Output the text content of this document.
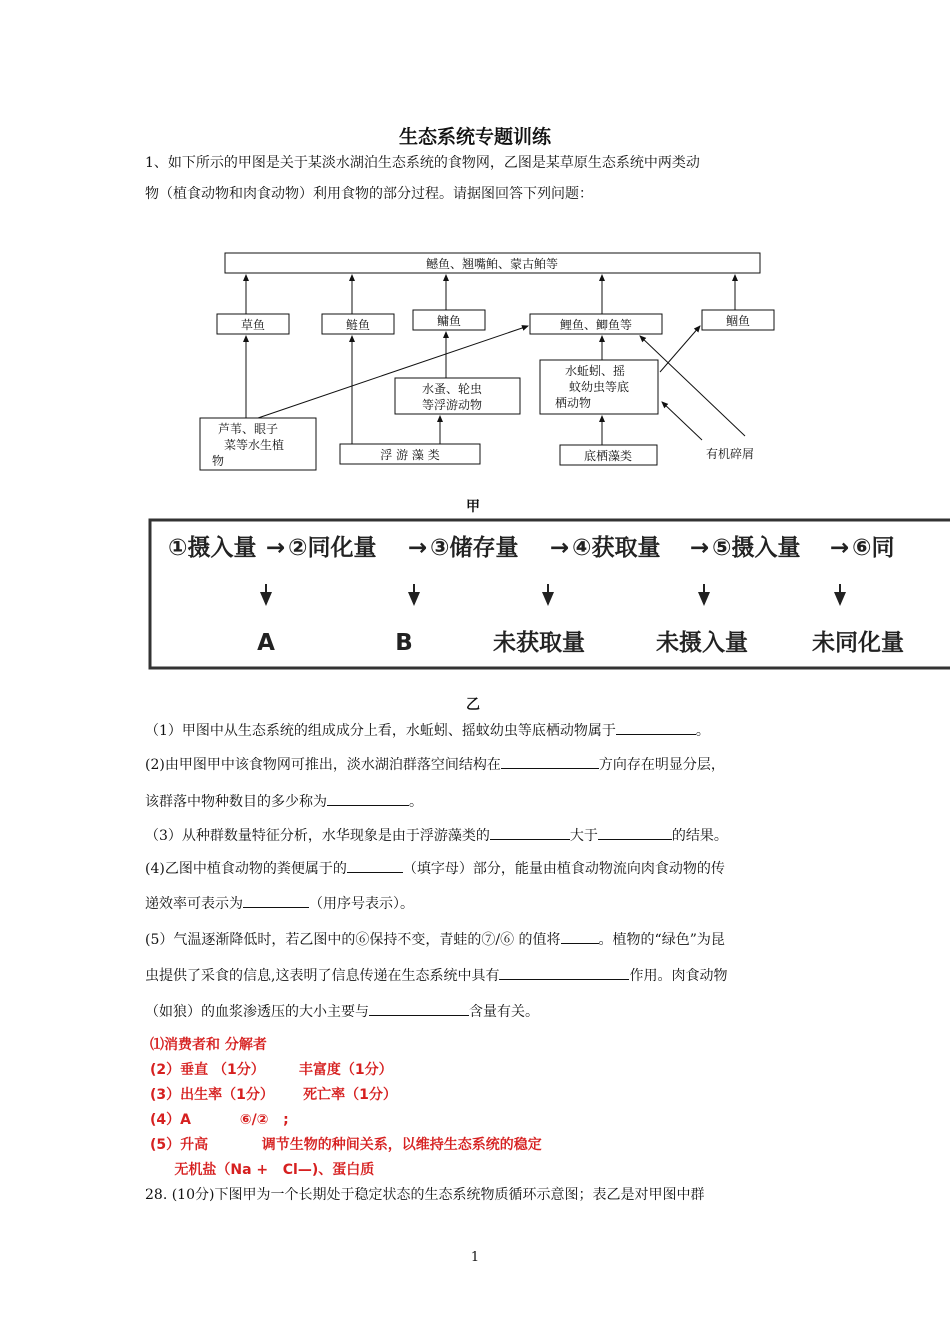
生态系统专题训练

1、如下所示的甲图是关于某淡水湖泊生态系统的食物网，乙图是某草原生态系统中两类动

物（植食动物和肉食动物）利用食物的部分过程。请据图回答下列问题：

鳡鱼、翘嘴鲌、蒙古鲌等
草鱼	鲢鱼	鳙鱼	鲤鱼、鲫鱼等	鲴鱼
芦苇、眼子
菜等水生植
物
水蚤、轮虫
等浮游动物
水蚯蚓、摇
蚊幼虫等底
栖动物
浮 游 藻 类	底栖藻类	有机碎屑
甲
①摄入量 → ②同化量 → ③储存量 → ④获取量 → ⑤摄入量 → ⑥同
A	B	未获取量	未摄入量	未同化量
乙

（1）甲图中从生态系统的组成成分上看，水蚯蚓、摇蚊幼虫等底栖动物属于	。

(2)由甲图甲中该食物网可推出，淡水湖泊群落空间结构在	方向存在明显分层，

该群落中物种数目的多少称为	。

（3）从种群数量特征分析，水华现象是由于浮游藻类的	大于	的结果。

(4)乙图中植食动物的粪便属于的	（填字母）部分，能量由植食动物流向肉食动物的传

递效率可表示为	（用序号表示）。

(5）气温逐渐降低时，若乙图中的⑥保持不变，青蛙的⑦/⑥ 的值将	。植物的“绿色”为昆

虫提供了采食的信息,这表明了信息传递在生态系统中具有	作用。肉食动物

（如狼）的血浆渗透压的大小主要与	含量有关。

⑴消费者和 分解者
(2）垂直 （1分）       丰富度（1分）
(3）出生率（1分）      死亡率（1分）
(4）A          ⑥/②   ;
(5）升高           调节生物的种间关系，以维持生态系统的稳定
无机盐（Na +   Cl—)、蛋白质

28. (10分)下图甲为一个长期处于稳定状态的生态系统物质循环示意图；表乙是对甲图中群

1
